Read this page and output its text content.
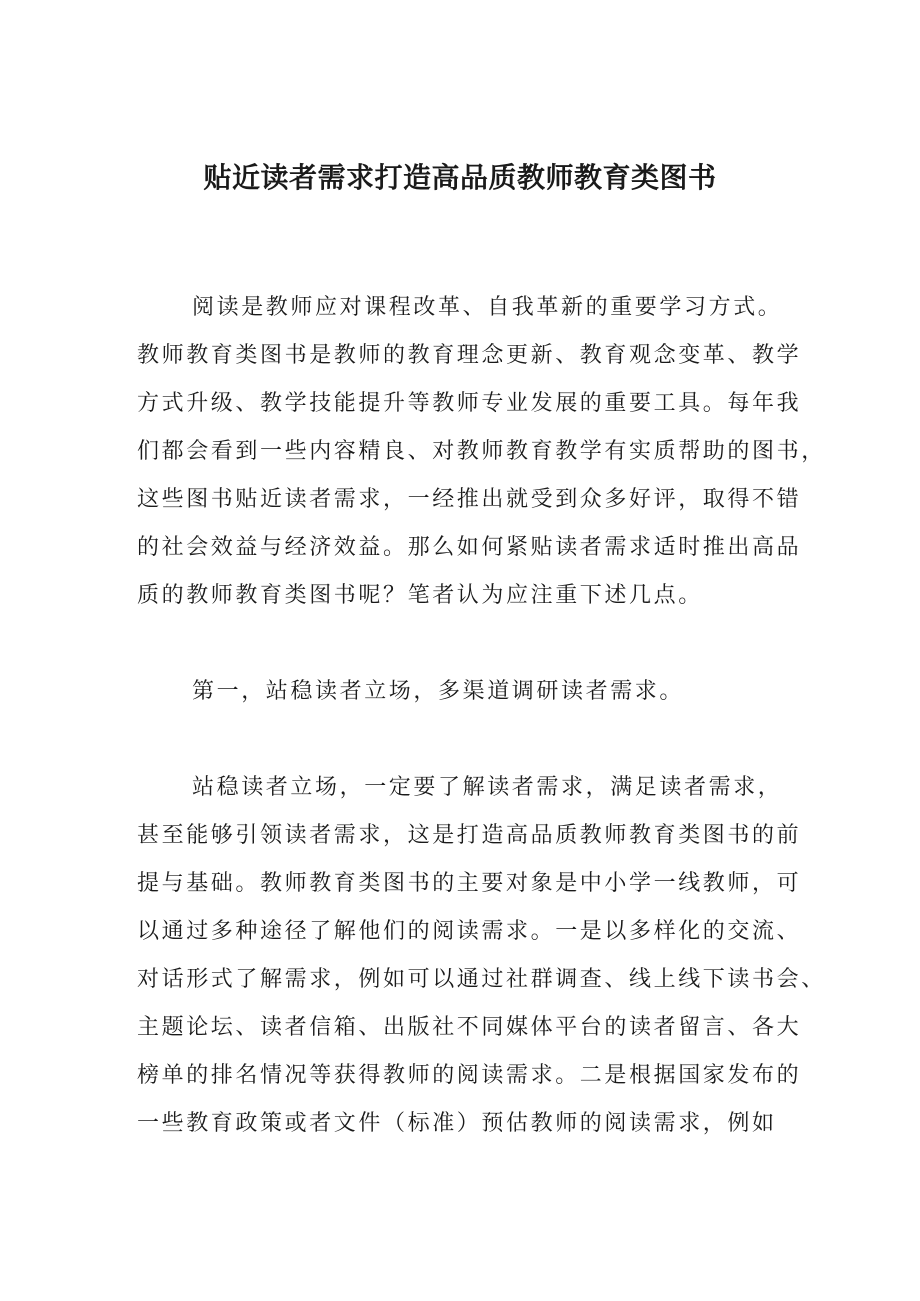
贴近读者需求打造高品质教师教育类图书

阅读是教师应对课程改革、自我革新的重要学习方式。

教师教育类图书是教师的教育理念更新、教育观念变革、教学

方式升级、教学技能提升等教师专业发展的重要工具。每年我

们都会看到一些内容精良、对教师教育教学有实质帮助的图书，

这些图书贴近读者需求，一经推出就受到众多好评，取得不错

的社会效益与经济效益。那么如何紧贴读者需求适时推出高品

质的教师教育类图书呢？笔者认为应注重下述几点。

第一，站稳读者立场，多渠道调研读者需求。

站稳读者立场，一定要了解读者需求，满足读者需求，

甚至能够引领读者需求，这是打造高品质教师教育类图书的前

提与基础。教师教育类图书的主要对象是中小学一线教师，可

以通过多种途径了解他们的阅读需求。一是以多样化的交流、

对话形式了解需求，例如可以通过社群调查、线上线下读书会、

主题论坛、读者信箱、出版社不同媒体平台的读者留言、各大

榜单的排名情况等获得教师的阅读需求。二是根据国家发布的

一些教育政策或者文件（标准）预估教师的阅读需求，例如
